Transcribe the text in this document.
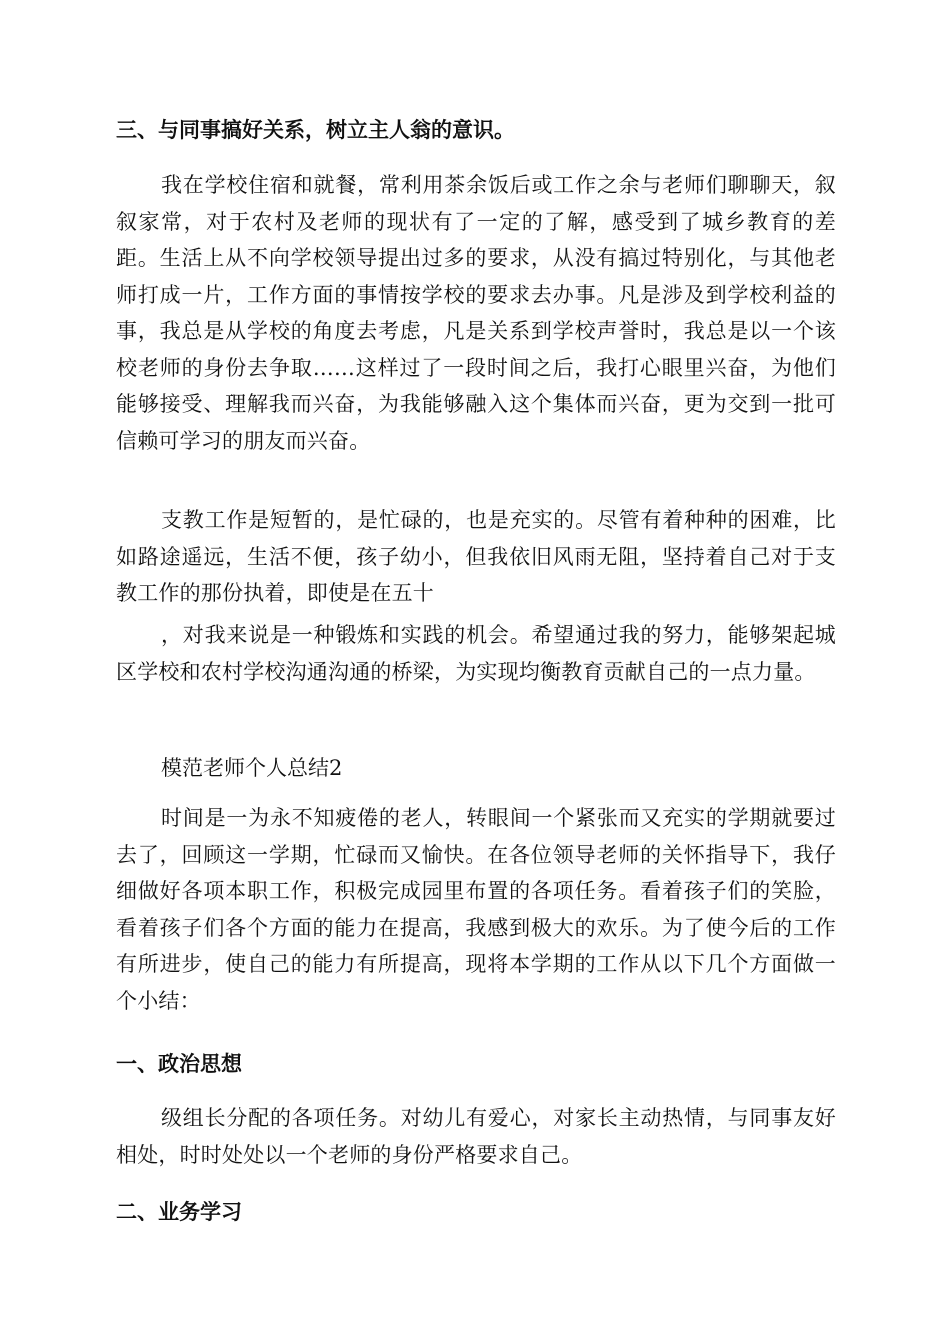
三、与同事搞好关系，树立主人翁的意识。
我在学校住宿和就餐，常利用茶余饭后或工作之余与老师们聊聊天，叙叙家常，对于农村及老师的现状有了一定的了解，感受到了城乡教育的差距。生活上从不向学校领导提出过多的要求，从没有搞过特别化，与其他老师打成一片，工作方面的事情按学校的要求去办事。凡是涉及到学校利益的事，我总是从学校的角度去考虑，凡是关系到学校声誉时，我总是以一个该校老师的身份去争取……这样过了一段时间之后，我打心眼里兴奋，为他们能够接受、理解我而兴奋，为我能够融入这个集体而兴奋，更为交到一批可信赖可学习的朋友而兴奋。
支教工作是短暂的，是忙碌的，也是充实的。尽管有着种种的困难，比如路途遥远，生活不便，孩子幼小，但我依旧风雨无阻，坚持着自己对于支教工作的那份执着，即使是在五十
，对我来说是一种锻炼和实践的机会。希望通过我的努力，能够架起城区学校和农村学校沟通沟通的桥梁，为实现均衡教育贡献自己的一点力量。
模范老师个人总结2
时间是一为永不知疲倦的老人，转眼间一个紧张而又充实的学期就要过去了，回顾这一学期，忙碌而又愉快。在各位领导老师的关怀指导下，我仔细做好各项本职工作，积极完成园里布置的各项任务。看着孩子们的笑脸，看着孩子们各个方面的能力在提高，我感到极大的欢乐。为了使今后的工作有所进步，使自己的能力有所提高，现将本学期的工作从以下几个方面做一个小结：
一、政治思想
级组长分配的各项任务。对幼儿有爱心，对家长主动热情，与同事友好相处，时时处处以一个老师的身份严格要求自己。
二、业务学习
